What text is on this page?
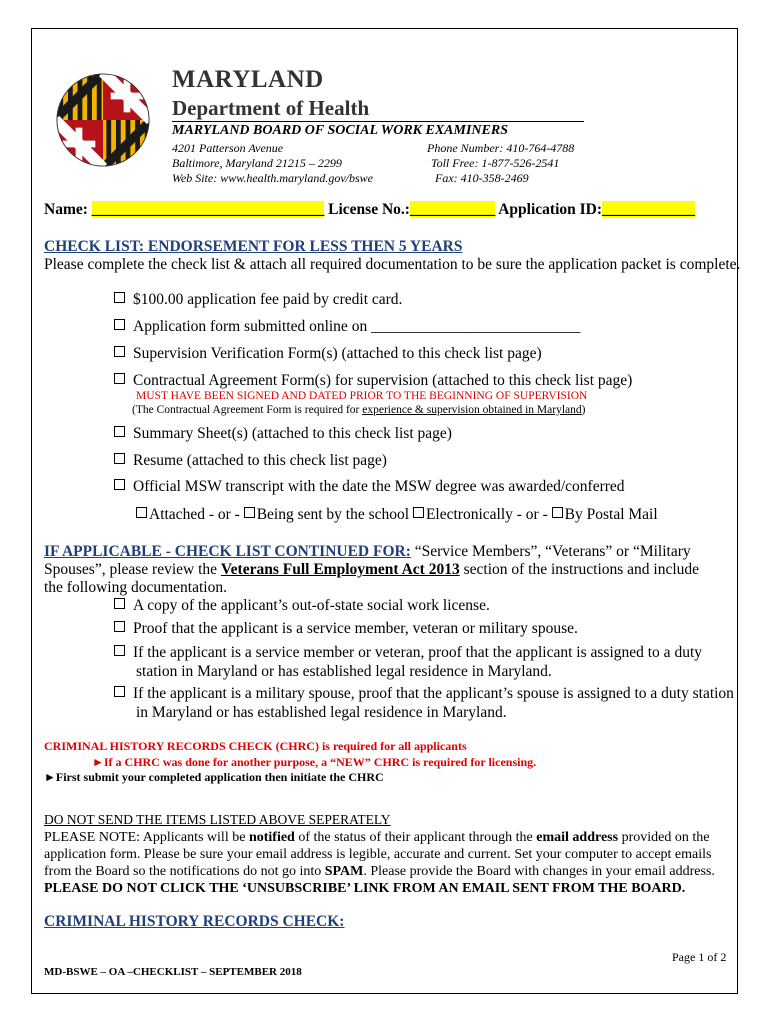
MARYLAND
Department of Health
MARYLAND BOARD OF SOCIAL WORK EXAMINERS
4201 Patterson Avenue
Baltimore, Maryland 21215 – 2299
Web Site: www.health.maryland.gov/bswe
Phone Number: 410-764-4788
Toll Free: 1-877-526-2541
Fax: 410-358-2469
Name: ______________________________ License No.:___________ Application ID:____________
CHECK LIST: ENDORSEMENT FOR LESS THEN 5 YEARS
Please complete the check list & attach all required documentation to be sure the application packet is complete.
$100.00 application fee paid by credit card.
Application form submitted online on ___________________________
Supervision Verification Form(s) (attached to this check list page)
Contractual Agreement Form(s) for supervision (attached to this check list page)
MUST HAVE BEEN SIGNED AND DATED PRIOR TO THE BEGINNING OF SUPERVISION
(The Contractual Agreement Form is required for experience & supervision obtained in Maryland)
Summary Sheet(s) (attached to this check list page)
Resume (attached to this check list page)
Official MSW transcript with the date the MSW degree was awarded/conferred
Attached - or - Being sent by the school Electronically - or - By Postal Mail
IF APPLICABLE - CHECK LIST CONTINUED FOR: “Service Members”, “Veterans” or “Military Spouses”, please review the Veterans Full Employment Act 2013 section of the instructions and include the following documentation.
A copy of the applicant’s out-of-state social work license.
Proof that the applicant is a service member, veteran or military spouse.
If the applicant is a service member or veteran, proof that the applicant is assigned to a duty station in Maryland or has established legal residence in Maryland.
If the applicant is a military spouse, proof that the applicant’s spouse is assigned to a duty station in Maryland or has established legal residence in Maryland.
CRIMINAL HISTORY RECORDS CHECK (CHRC) is required for all applicants
►If a CHRC was done for another purpose, a “NEW” CHRC is required for licensing.
►First submit your completed application then initiate the CHRC
DO NOT SEND THE ITEMS LISTED ABOVE SEPERATELY
PLEASE NOTE: Applicants will be notified of the status of their applicant through the email address provided on the application form. Please be sure your email address is legible, accurate and current. Set your computer to accept emails from the Board so the notifications do not go into SPAM. Please provide the Board with changes in your email address.
PLEASE DO NOT CLICK THE ‘UNSUBSCRIBE’ LINK FROM AN EMAIL SENT FROM THE BOARD.
CRIMINAL HISTORY RECORDS CHECK:
Page 1 of 2
MD-BSWE – OA –CHECKLIST – SEPTEMBER 2018
